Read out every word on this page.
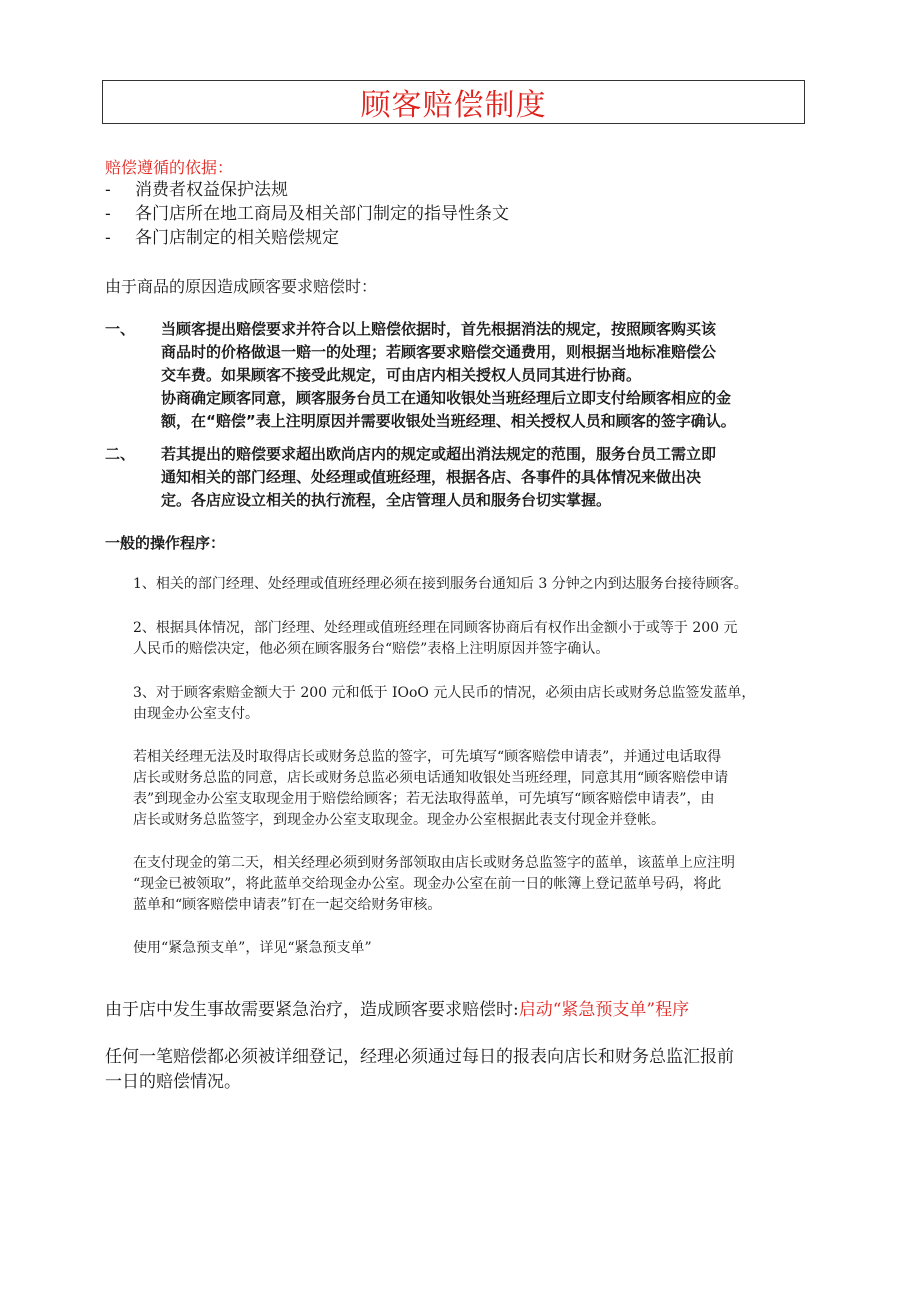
顾客赔偿制度
赔偿遵循的依据：
-	消费者权益保护法规
-	各门店所在地工商局及相关部门制定的指导性条文
-	各门店制定的相关赔偿规定
由于商品的原因造成顾客要求赔偿时：
一、	当顾客提出赔偿要求并符合以上赔偿依据时，首先根据消法的规定，按照顾客购买该
商品时的价格做退一赔一的处理；若顾客要求赔偿交通费用，则根据当地标准赔偿公
交车费。如果顾客不接受此规定，可由店内相关授权人员同其进行协商。
协商确定顾客同意，顾客服务台员工在通知收银处当班经理后立即支付给顾客相应的金
额，在“赔偿”表上注明原因并需要收银处当班经理、相关授权人员和顾客的签字确认。
二、	若其提出的赔偿要求超出欧尚店内的规定或超出消法规定的范围，服务台员工需立即
通知相关的部门经理、处经理或值班经理，根据各店、各事件的具体情况来做出决
定。各店应设立相关的执行流程，全店管理人员和服务台切实掌握。
一般的操作程序：
1、相关的部门经理、处经理或值班经理必须在接到服务台通知后 3 分钟之内到达服务台接待顾客。
2、根据具体情况，部门经理、处经理或值班经理在同顾客协商后有权作出金额小于或等于 200 元
人民币的赔偿决定，他必须在顾客服务台“赔偿”表格上注明原因并签字确认。
3、对于顾客索赔金额大于 200 元和低于 IOoO 元人民币的情况，必须由店长或财务总监签发蓝单，
由现金办公室支付。
若相关经理无法及时取得店长或财务总监的签字，可先填写“顾客赔偿申请表”，并通过电话取得
店长或财务总监的同意，店长或财务总监必须电话通知收银处当班经理，同意其用“顾客赔偿申请
表”到现金办公室支取现金用于赔偿给顾客；若无法取得蓝单，可先填写“顾客赔偿申请表”，由
店长或财务总监签字，到现金办公室支取现金。现金办公室根据此表支付现金并登帐。
在支付现金的第二天，相关经理必须到财务部领取由店长或财务总监签字的蓝单，该蓝单上应注明
“现金已被领取”，将此蓝单交给现金办公室。现金办公室在前一日的帐簿上登记蓝单号码，将此
蓝单和“顾客赔偿申请表”钉在一起交给财务审核。
使用“紧急预支单”，详见“紧急预支单”
由于店中发生事故需要紧急治疗，造成顾客要求赔偿时:启动“紧急预支单”程序
任何一笔赔偿都必须被详细登记，经理必须通过每日的报表向店长和财务总监汇报前
一日的赔偿情况。
